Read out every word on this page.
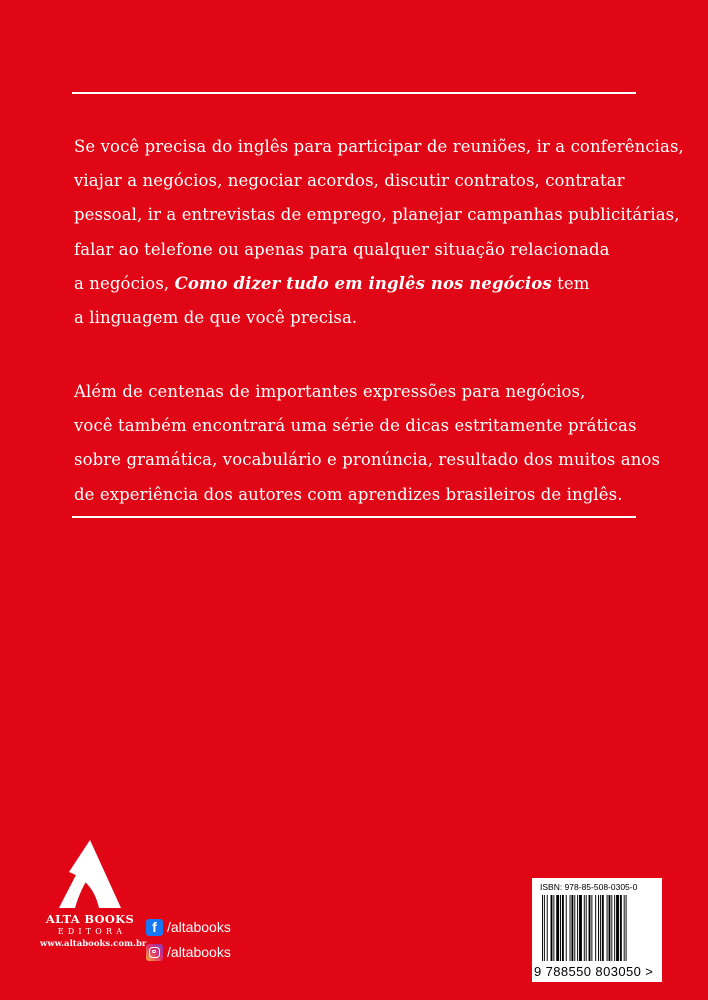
Se você precisa do inglês para participar de reuniões, ir a conferências,
viajar a negócios, negociar acordos, discutir contratos, contratar
pessoal, ir a entrevistas de emprego, planejar campanhas publicitárias,
falar ao telefone ou apenas para qualquer situação relacionada
a negócios, Como dizer tudo em inglês nos negócios tem
a linguagem de que você precisa.

Além de centenas de importantes expressões para negócios,
você também encontrará uma série de dicas estritamente práticas
sobre gramática, vocabulário e pronúncia, resultado dos muitos anos
de experiência dos autores com aprendizes brasileiros de inglês.

ALTA BOOKS
EDITORA
www.altabooks.com.br
f /altabooks
/altabooks
ISBN: 978-85-508-0305-0
9 788550 803050 >
